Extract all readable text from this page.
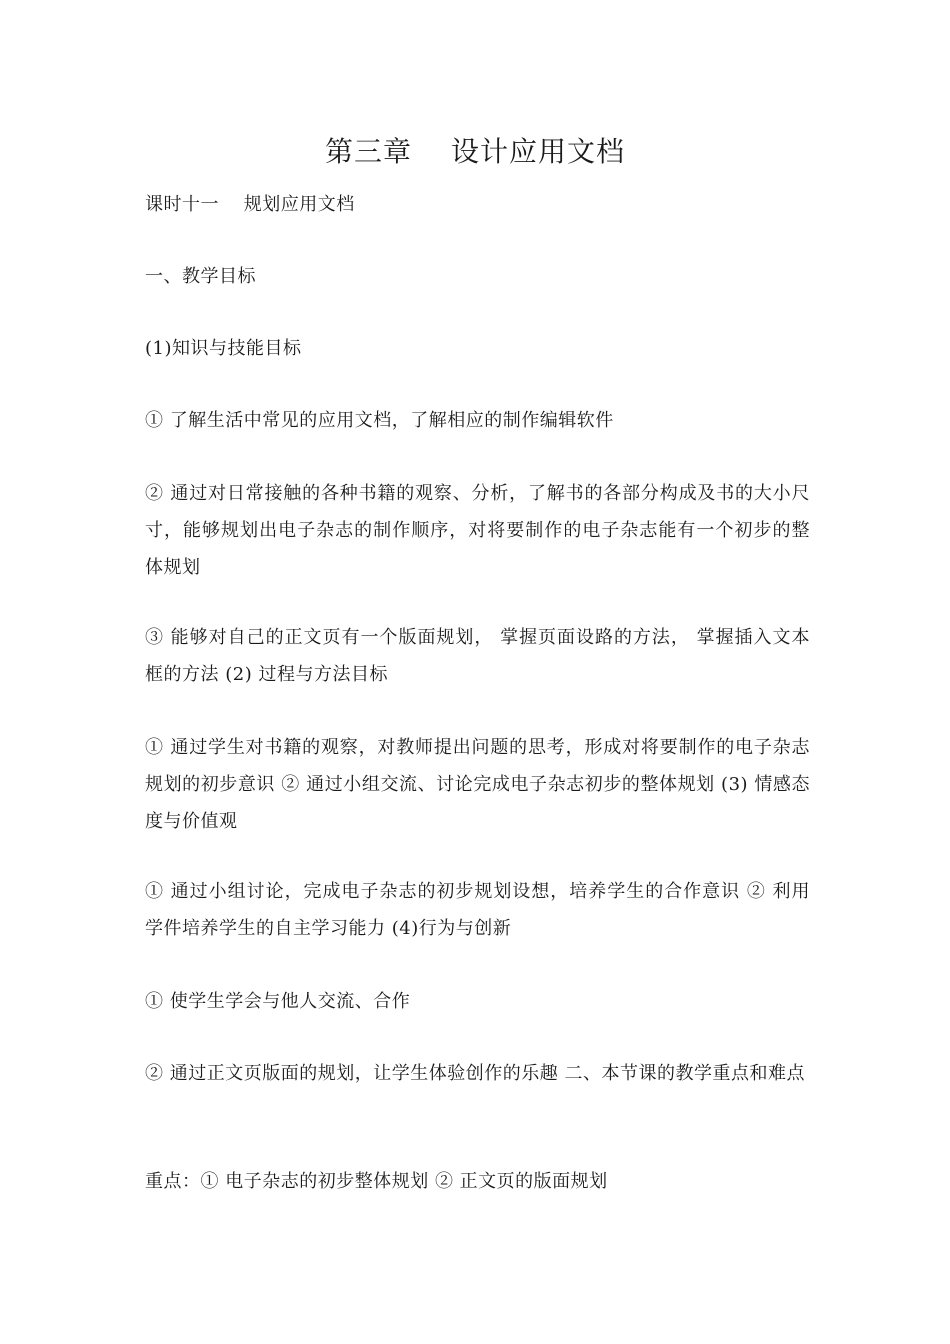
第三章　 设计应用文档
课时十一　 规划应用文档
一、教学目标
(1)知识与技能目标
① 了解生活中常见的应用文档，了解相应的制作编辑软件
② 通过对日常接触的各种书籍的观察、分析，了解书的各部分构成及书的大小尺寸，能够规划出电子杂志的制作顺序，对将要制作的电子杂志能有一个初步的整体规划
③ 能够对自己的正文页有一个版面规划， 掌握页面设路的方法， 掌握插入文本框的方法 (2) 过程与方法目标
① 通过学生对书籍的观察，对教师提出问题的思考，形成对将要制作的电子杂志规划的初步意识 ② 通过小组交流、讨论完成电子杂志初步的整体规划 (3) 情感态度与价值观
① 通过小组讨论，完成电子杂志的初步规划设想，培养学生的合作意识 ② 利用学件培养学生的自主学习能力 (4)行为与创新
① 使学生学会与他人交流、合作
② 通过正文页版面的规划，让学生体验创作的乐趣 二、本节课的教学重点和难点
重点：① 电子杂志的初步整体规划 ② 正文页的版面规划
